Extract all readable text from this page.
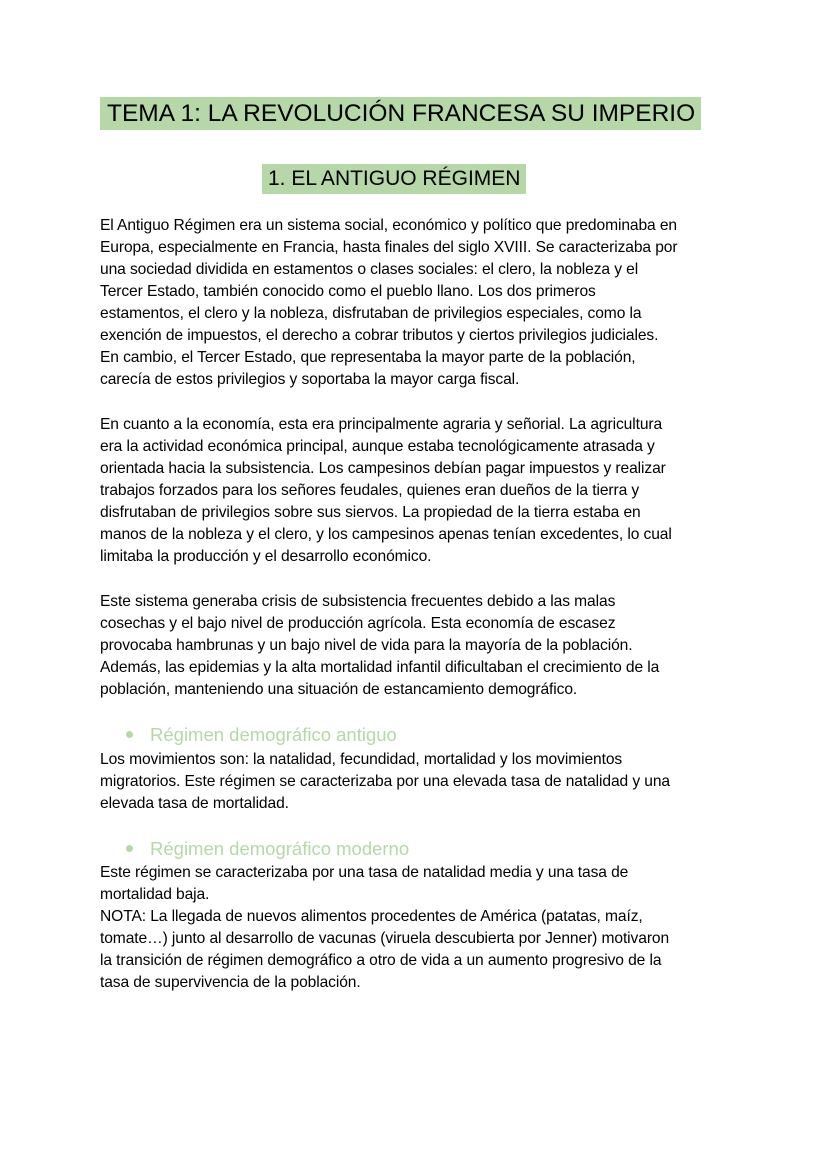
TEMA 1: LA REVOLUCIÓN FRANCESA SU IMPERIO
1. EL ANTIGUO RÉGIMEN

El Antiguo Régimen era un sistema social, económico y político que predominaba en
Europa, especialmente en Francia, hasta finales del siglo XVIII. Se caracterizaba por
una sociedad dividida en estamentos o clases sociales: el clero, la nobleza y el
Tercer Estado, también conocido como el pueblo llano. Los dos primeros
estamentos, el clero y la nobleza, disfrutaban de privilegios especiales, como la
exención de impuestos, el derecho a cobrar tributos y ciertos privilegios judiciales.
En cambio, el Tercer Estado, que representaba la mayor parte de la población,
carecía de estos privilegios y soportaba la mayor carga fiscal.

En cuanto a la economía, esta era principalmente agraria y señorial. La agricultura
era la actividad económica principal, aunque estaba tecnológicamente atrasada y
orientada hacia la subsistencia. Los campesinos debían pagar impuestos y realizar
trabajos forzados para los señores feudales, quienes eran dueños de la tierra y
disfrutaban de privilegios sobre sus siervos. La propiedad de la tierra estaba en
manos de la nobleza y el clero, y los campesinos apenas tenían excedentes, lo cual
limitaba la producción y el desarrollo económico.

Este sistema generaba crisis de subsistencia frecuentes debido a las malas
cosechas y el bajo nivel de producción agrícola. Esta economía de escasez
provocaba hambrunas y un bajo nivel de vida para la mayoría de la población.
Además, las epidemias y la alta mortalidad infantil dificultaban el crecimiento de la
población, manteniendo una situación de estancamiento demográfico.

Régimen demográfico antiguo

Los movimientos son: la natalidad, fecundidad, mortalidad y los movimientos
migratorios. Este régimen se caracterizaba por una elevada tasa de natalidad y una
elevada tasa de mortalidad.

Régimen demográfico moderno

Este régimen se caracterizaba por una tasa de natalidad media y una tasa de
mortalidad baja.
NOTA: La llegada de nuevos alimentos procedentes de América (patatas, maíz,
tomate…) junto al desarrollo de vacunas (viruela descubierta por Jenner) motivaron
la transición de régimen demográfico a otro de vida a un aumento progresivo de la
tasa de supervivencia de la población.
